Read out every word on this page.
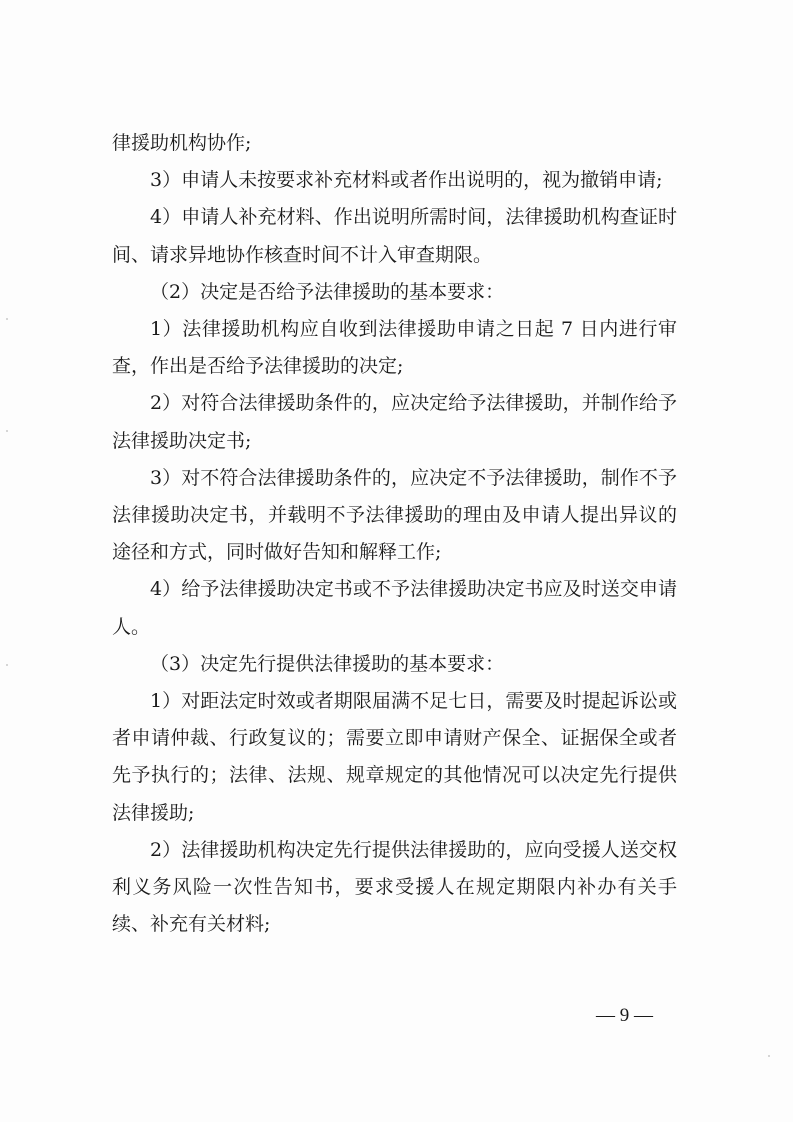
律援助机构协作;

3）申请人未按要求补充材料或者作出说明的，视为撤销申请;

4）申请人补充材料、作出说明所需时间，法律援助机构查证时间、请求异地协作核查时间不计入审查期限。

（2）决定是否给予法律援助的基本要求：

1）法律援助机构应自收到法律援助申请之日起 7 日内进行审查，作出是否给予法律援助的决定;

2）对符合法律援助条件的，应决定给予法律援助，并制作给予法律援助决定书;

3）对不符合法律援助条件的，应决定不予法律援助，制作不予法律援助决定书，并载明不予法律援助的理由及申请人提出异议的途径和方式，同时做好告知和解释工作;

4）给予法律援助决定书或不予法律援助决定书应及时送交申请人。

（3）决定先行提供法律援助的基本要求：

1）对距法定时效或者期限届满不足七日，需要及时提起诉讼或者申请仲裁、行政复议的；需要立即申请财产保全、证据保全或者先予执行的；法律、法规、规章规定的其他情况可以决定先行提供法律援助;

2）法律援助机构决定先行提供法律援助的，应向受援人送交权利义务风险一次性告知书，要求受援人在规定期限内补办有关手续、补充有关材料;

— 9 —
